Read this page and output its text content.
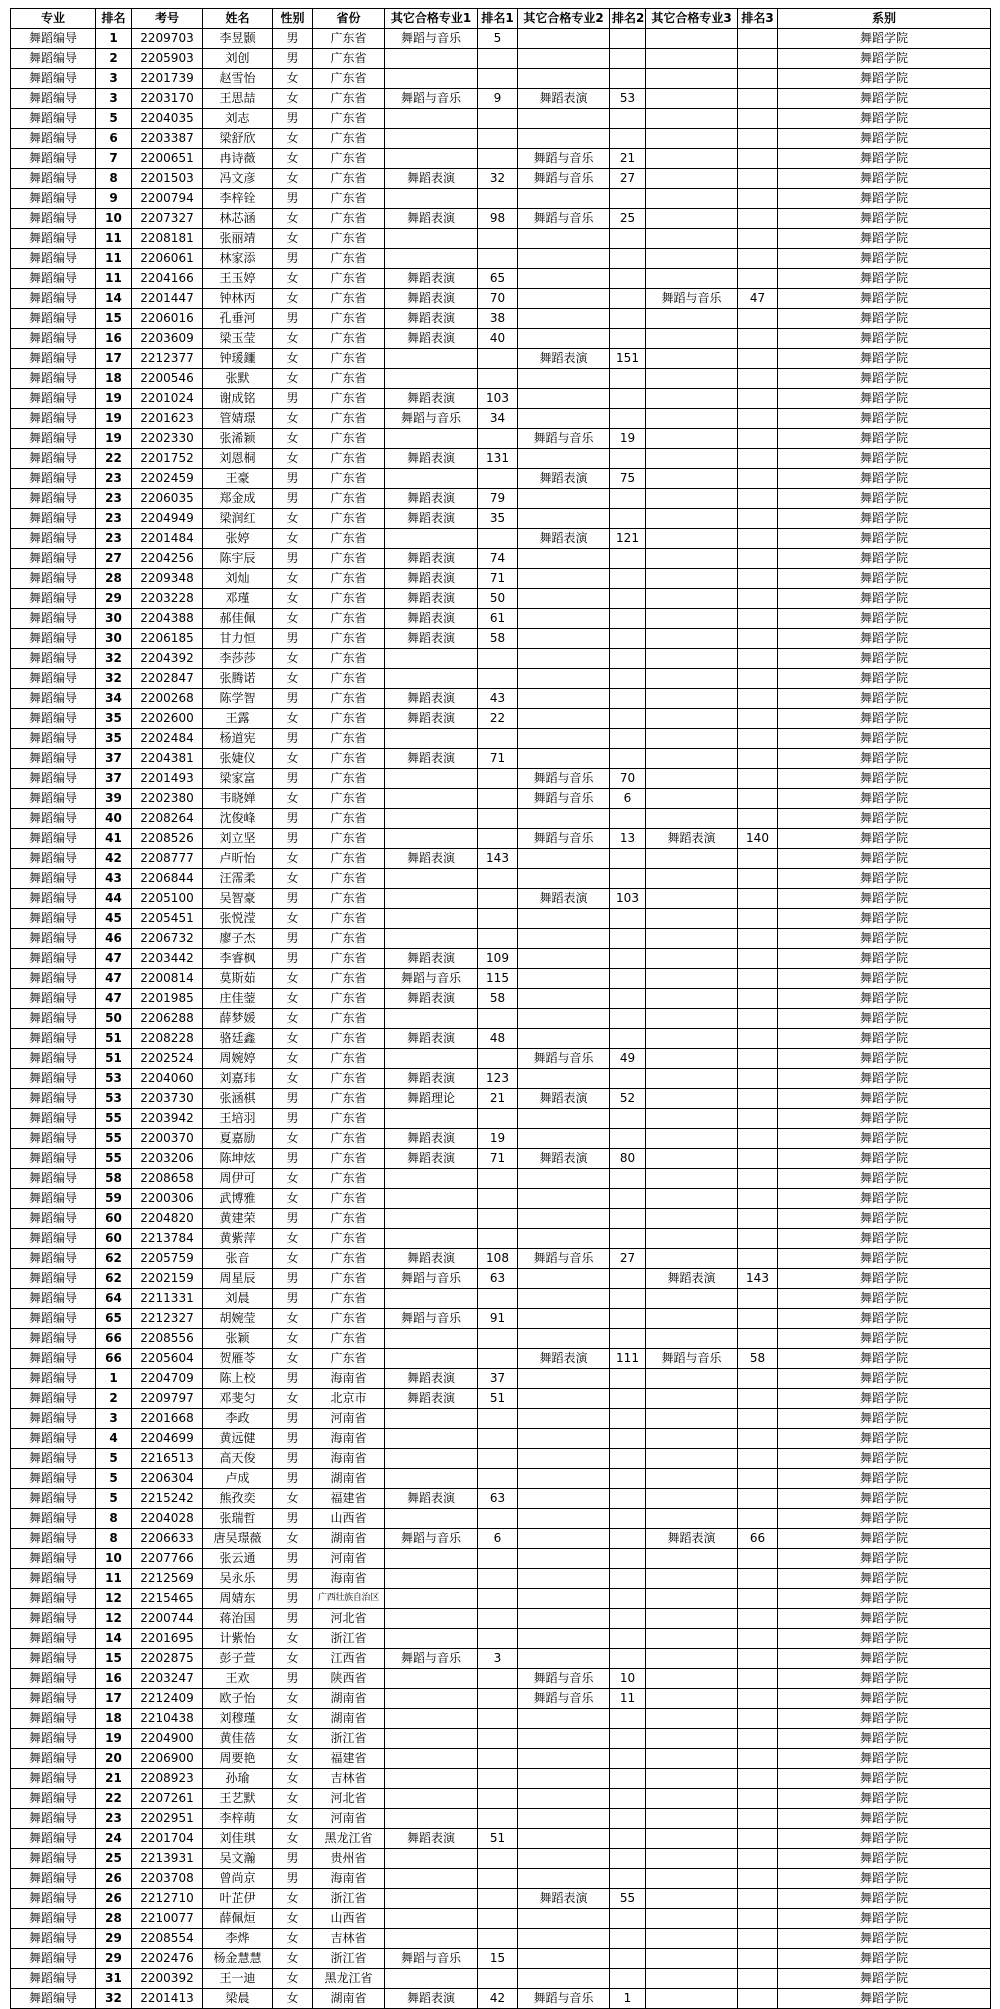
专业	排名	考号	姓名	性别	省份	其它合格专业1	排名1	其它合格专业2	排名2	其它合格专业3	排名3	系别
舞蹈编导	1	2209703	李昱颢	男	广东省	舞蹈与音乐	5					舞蹈学院
舞蹈编导	2	2205903	刘创	男	广东省							舞蹈学院
舞蹈编导	3	2201739	赵雪怡	女	广东省							舞蹈学院
舞蹈编导	3	2203170	王思喆	女	广东省	舞蹈与音乐	9	舞蹈表演	53			舞蹈学院
舞蹈编导	5	2204035	刘志	男	广东省							舞蹈学院
舞蹈编导	6	2203387	梁舒欣	女	广东省							舞蹈学院
舞蹈编导	7	2200651	冉诗薇	女	广东省			舞蹈与音乐	21			舞蹈学院
舞蹈编导	8	2201503	冯文彦	女	广东省	舞蹈表演	32	舞蹈与音乐	27			舞蹈学院
舞蹈编导	9	2200794	李梓铨	男	广东省							舞蹈学院
舞蹈编导	10	2207327	林芯涵	女	广东省	舞蹈表演	98	舞蹈与音乐	25			舞蹈学院
舞蹈编导	11	2208181	张丽靖	女	广东省							舞蹈学院
舞蹈编导	11	2206061	林家添	男	广东省							舞蹈学院
舞蹈编导	11	2204166	王玉婷	女	广东省	舞蹈表演	65					舞蹈学院
舞蹈编导	14	2201447	钟林丙	女	广东省	舞蹈表演	70			舞蹈与音乐	47	舞蹈学院
舞蹈编导	15	2206016	孔垂河	男	广东省	舞蹈表演	38					舞蹈学院
舞蹈编导	16	2203609	梁玉莹	女	广东省	舞蹈表演	40					舞蹈学院
舞蹈编导	17	2212377	钟瑗鑩	女	广东省			舞蹈表演	151			舞蹈学院
舞蹈编导	18	2200546	张默	女	广东省							舞蹈学院
舞蹈编导	19	2201024	谢成铭	男	广东省	舞蹈表演	103					舞蹈学院
舞蹈编导	19	2201623	管婧璟	女	广东省	舞蹈与音乐	34					舞蹈学院
舞蹈编导	19	2202330	张浠颖	女	广东省			舞蹈与音乐	19			舞蹈学院
舞蹈编导	22	2201752	刘恩桐	女	广东省	舞蹈表演	131					舞蹈学院
舞蹈编导	23	2202459	王豪	男	广东省			舞蹈表演	75			舞蹈学院
舞蹈编导	23	2206035	郑金成	男	广东省	舞蹈表演	79					舞蹈学院
舞蹈编导	23	2204949	梁润红	女	广东省	舞蹈表演	35					舞蹈学院
舞蹈编导	23	2201484	张婷	女	广东省			舞蹈表演	121			舞蹈学院
舞蹈编导	27	2204256	陈宇辰	男	广东省	舞蹈表演	74					舞蹈学院
舞蹈编导	28	2209348	刘灿	女	广东省	舞蹈表演	71					舞蹈学院
舞蹈编导	29	2203228	邓瑾	女	广东省	舞蹈表演	50					舞蹈学院
舞蹈编导	30	2204388	郝佳佩	女	广东省	舞蹈表演	61					舞蹈学院
舞蹈编导	30	2206185	甘力恒	男	广东省	舞蹈表演	58					舞蹈学院
舞蹈编导	32	2204392	李莎莎	女	广东省							舞蹈学院
舞蹈编导	32	2202847	张腾诺	女	广东省							舞蹈学院
舞蹈编导	34	2200268	陈学智	男	广东省	舞蹈表演	43					舞蹈学院
舞蹈编导	35	2202600	王露	女	广东省	舞蹈表演	22					舞蹈学院
舞蹈编导	35	2202484	杨道宪	男	广东省							舞蹈学院
舞蹈编导	37	2204381	张婕仪	女	广东省	舞蹈表演	71					舞蹈学院
舞蹈编导	37	2201493	梁家富	男	广东省			舞蹈与音乐	70			舞蹈学院
舞蹈编导	39	2202380	韦晓婵	女	广东省			舞蹈与音乐	6			舞蹈学院
舞蹈编导	40	2208264	沈俊峰	男	广东省							舞蹈学院
舞蹈编导	41	2208526	刘立坚	男	广东省			舞蹈与音乐	13	舞蹈表演	140	舞蹈学院
舞蹈编导	42	2208777	卢昕怡	女	广东省	舞蹈表演	143					舞蹈学院
舞蹈编导	43	2206844	汪霈柔	女	广东省							舞蹈学院
舞蹈编导	44	2205100	吴智豪	男	广东省			舞蹈表演	103			舞蹈学院
舞蹈编导	45	2205451	张悦滢	女	广东省							舞蹈学院
舞蹈编导	46	2206732	廖子杰	男	广东省							舞蹈学院
舞蹈编导	47	2203442	李睿枫	男	广东省	舞蹈表演	109					舞蹈学院
舞蹈编导	47	2200814	莫斯茹	女	广东省	舞蹈与音乐	115					舞蹈学院
舞蹈编导	47	2201985	庄佳蓥	女	广东省	舞蹈表演	58					舞蹈学院
舞蹈编导	50	2206288	薛梦媛	女	广东省							舞蹈学院
舞蹈编导	51	2208228	骆廷鑫	女	广东省	舞蹈表演	48					舞蹈学院
舞蹈编导	51	2202524	周婉婷	女	广东省			舞蹈与音乐	49			舞蹈学院
舞蹈编导	53	2204060	刘嘉玮	女	广东省	舞蹈表演	123					舞蹈学院
舞蹈编导	53	2203730	张涵棋	男	广东省	舞蹈理论	21	舞蹈表演	52			舞蹈学院
舞蹈编导	55	2203942	王培羽	男	广东省							舞蹈学院
舞蹈编导	55	2200370	夏嘉励	女	广东省	舞蹈表演	19					舞蹈学院
舞蹈编导	55	2203206	陈坤炫	男	广东省	舞蹈表演	71	舞蹈表演	80			舞蹈学院
舞蹈编导	58	2208658	周伊可	女	广东省							舞蹈学院
舞蹈编导	59	2200306	武博雅	女	广东省							舞蹈学院
舞蹈编导	60	2204820	黄建荣	男	广东省							舞蹈学院
舞蹈编导	60	2213784	黄紫萍	女	广东省							舞蹈学院
舞蹈编导	62	2205759	张音	女	广东省	舞蹈表演	108	舞蹈与音乐	27			舞蹈学院
舞蹈编导	62	2202159	周星辰	男	广东省	舞蹈与音乐	63			舞蹈表演	143	舞蹈学院
舞蹈编导	64	2211331	刘晨	男	广东省							舞蹈学院
舞蹈编导	65	2212327	胡婉莹	女	广东省	舞蹈与音乐	91					舞蹈学院
舞蹈编导	66	2208556	张颖	女	广东省							舞蹈学院
舞蹈编导	66	2205604	贺雁苓	女	广东省			舞蹈表演	111	舞蹈与音乐	58	舞蹈学院
舞蹈编导	1	2204709	陈上校	男	海南省	舞蹈表演	37					舞蹈学院
舞蹈编导	2	2209797	邓斐匀	女	北京市	舞蹈表演	51					舞蹈学院
舞蹈编导	3	2201668	李政	男	河南省							舞蹈学院
舞蹈编导	4	2204699	黄远健	男	海南省							舞蹈学院
舞蹈编导	5	2216513	高天俊	男	海南省							舞蹈学院
舞蹈编导	5	2206304	卢成	男	湖南省							舞蹈学院
舞蹈编导	5	2215242	熊孜奕	女	福建省	舞蹈表演	63					舞蹈学院
舞蹈编导	8	2204028	张瑞哲	男	山西省							舞蹈学院
舞蹈编导	8	2206633	唐吴璟薇	女	湖南省	舞蹈与音乐	6			舞蹈表演	66	舞蹈学院
舞蹈编导	10	2207766	张云通	男	河南省							舞蹈学院
舞蹈编导	11	2212569	吴永乐	男	海南省							舞蹈学院
舞蹈编导	12	2215465	周婧东	男	广西壮族自治区							舞蹈学院
舞蹈编导	12	2200744	蒋治国	男	河北省							舞蹈学院
舞蹈编导	14	2201695	计紫怡	女	浙江省							舞蹈学院
舞蹈编导	15	2202875	彭子萱	女	江西省	舞蹈与音乐	3					舞蹈学院
舞蹈编导	16	2203247	王欢	男	陕西省			舞蹈与音乐	10			舞蹈学院
舞蹈编导	17	2212409	欧子怡	女	湖南省			舞蹈与音乐	11			舞蹈学院
舞蹈编导	18	2210438	刘穆瑾	女	湖南省							舞蹈学院
舞蹈编导	19	2204900	黄佳蓓	女	浙江省							舞蹈学院
舞蹈编导	20	2206900	周要艳	女	福建省							舞蹈学院
舞蹈编导	21	2208923	孙瑜	女	吉林省							舞蹈学院
舞蹈编导	22	2207261	王艺默	女	河北省							舞蹈学院
舞蹈编导	23	2202951	李梓萌	女	河南省							舞蹈学院
舞蹈编导	24	2201704	刘佳琪	女	黑龙江省	舞蹈表演	51					舞蹈学院
舞蹈编导	25	2213931	吴文瀚	男	贵州省							舞蹈学院
舞蹈编导	26	2203708	曾尚京	男	海南省							舞蹈学院
舞蹈编导	26	2212710	叶芷伊	女	浙江省			舞蹈表演	55			舞蹈学院
舞蹈编导	28	2210077	薛佩烜	女	山西省							舞蹈学院
舞蹈编导	29	2208554	李烨	女	吉林省							舞蹈学院
舞蹈编导	29	2202476	杨金慧慧	女	浙江省	舞蹈与音乐	15					舞蹈学院
舞蹈编导	31	2200392	王一迪	女	黑龙江省							舞蹈学院
舞蹈编导	32	2201413	梁晨	女	湖南省	舞蹈表演	42	舞蹈与音乐	1			舞蹈学院
